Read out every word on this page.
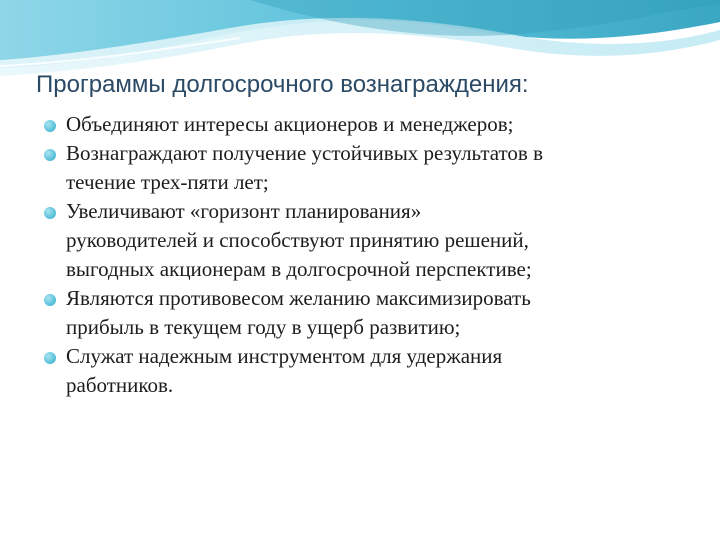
Программы долгосрочного вознаграждения:
Объединяют интересы акционеров и менеджеров;
Вознаграждают получение устойчивых результатов в
течение трех-пяти лет;
Увеличивают «горизонт планирования»
руководителей и способствуют принятию решений,
выгодных акционерам в долгосрочной перспективе;
Являются противовесом желанию максимизировать
прибыль в текущем году в ущерб развитию;
Служат надежным инструментом для удержания
работников.
